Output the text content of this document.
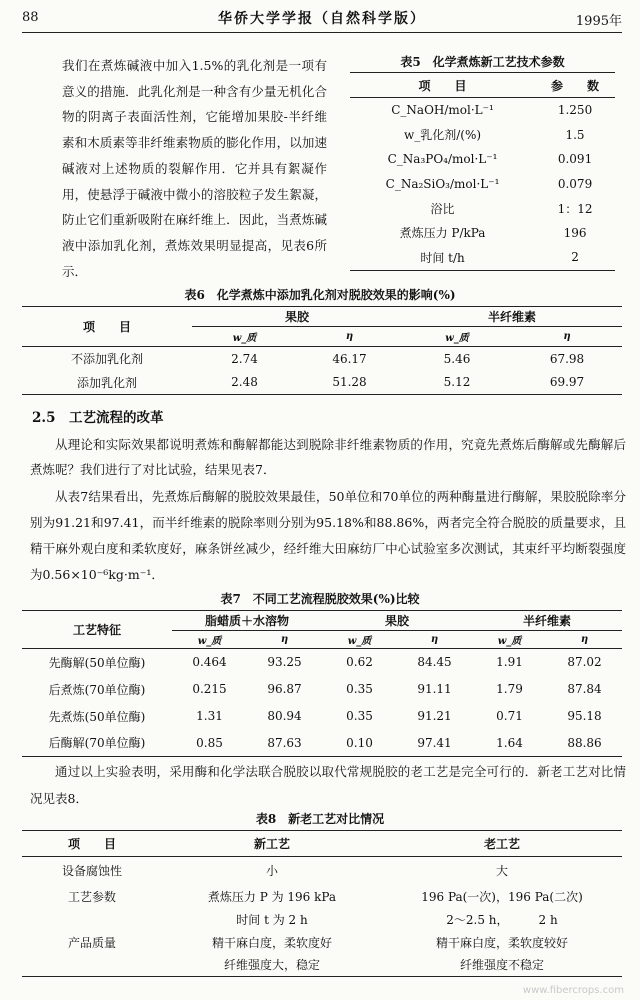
88	华侨大学学报（自然科学版）	1995年
我们在煮炼碱液中加入1.5%的乳化剂是一项有意义的措施．此乳化剂是一种含有少量无机化合物的阴离子表面活性剂，它能增加果胶-半纤维素和木质素等非纤维素物质的膨化作用，以加速碱液对上述物质的裂解作用．它并具有絮凝作用，使悬浮于碱液中微小的溶胶粒子发生絮凝，防止它们重新吸附在麻纤维上．因此，当煮炼碱液中添加乳化剂，煮炼效果明显提高，见表6所示．
表5　化学煮炼新工艺技术参数
项　　目	参　　数
C_NaOH/mol·L⁻¹	1.250
w_乳化剂/(%)	1.5
C_Na₃PO₄/mol·L⁻¹	0.091
C_Na₂SiO₃/mol·L⁻¹	0.079
浴比	1：12
煮炼压力 P/kPa	196
时间 t/h	2
表6　化学煮炼中添加乳化剂对脱胶效果的影响(%)
项　　目	果胶		半纤维素	
	w_质	η	w_质	η
不添加乳化剂	2.74	46.17	5.46	67.98
添加乳化剂	2.48	51.28	5.12	69.97
2.5　工艺流程的改革
从理论和实际效果都说明煮炼和酶解都能达到脱除非纤维素物质的作用，究竟先煮炼后酶解或先酶解后煮炼呢？我们进行了对比试验，结果见表7．
从表7结果看出，先煮炼后酶解的脱胶效果最佳，50单位和70单位的两种酶量进行酶解，果胶脱除率分别为91.21和97.41，而半纤维素的脱除率则分别为95.18%和88.86%，两者完全符合脱胶的质量要求，且精干麻外观白度和柔软度好，麻条饼丝减少，经纤维大田麻纺厂中心试验室多次测试，其束纤平均断裂强度为0.56×10⁻⁶kg·m⁻¹．
表7　不同工艺流程脱胶效果(%)比较
工艺特征	脂蜡质＋水溶物		果胶		半纤维素	
	w_质	η	w_质	η	w_质	η
先酶解(50单位酶)	0.464	93.25	0.62	84.45	1.91	87.02
后煮炼(70单位酶)	0.215	96.87	0.35	91.11	1.79	87.84
先煮炼(50单位酶)	1.31	80.94	0.35	91.21	0.71	95.18
后酶解(70单位酶)	0.85	87.63	0.10	97.41	1.64	88.86
通过以上实验表明，采用酶和化学法联合脱胶以取代常规脱胶的老工艺是完全可行的．新老工艺对比情况见表8．
表8　新老工艺对比情况
项　　目	新工艺	老工艺
设备腐蚀性	小	大
工艺参数	煮炼压力 P 为 196 kPa	196 Pa(一次)，196 Pa(二次)
	时间 t 为 2 h	2～2.5 h，　　　2 h
产品质量	精干麻白度，柔软度好	精干麻白度，柔软度较好
	纤维强度大，稳定	纤维强度不稳定
www.fibercrops.com
